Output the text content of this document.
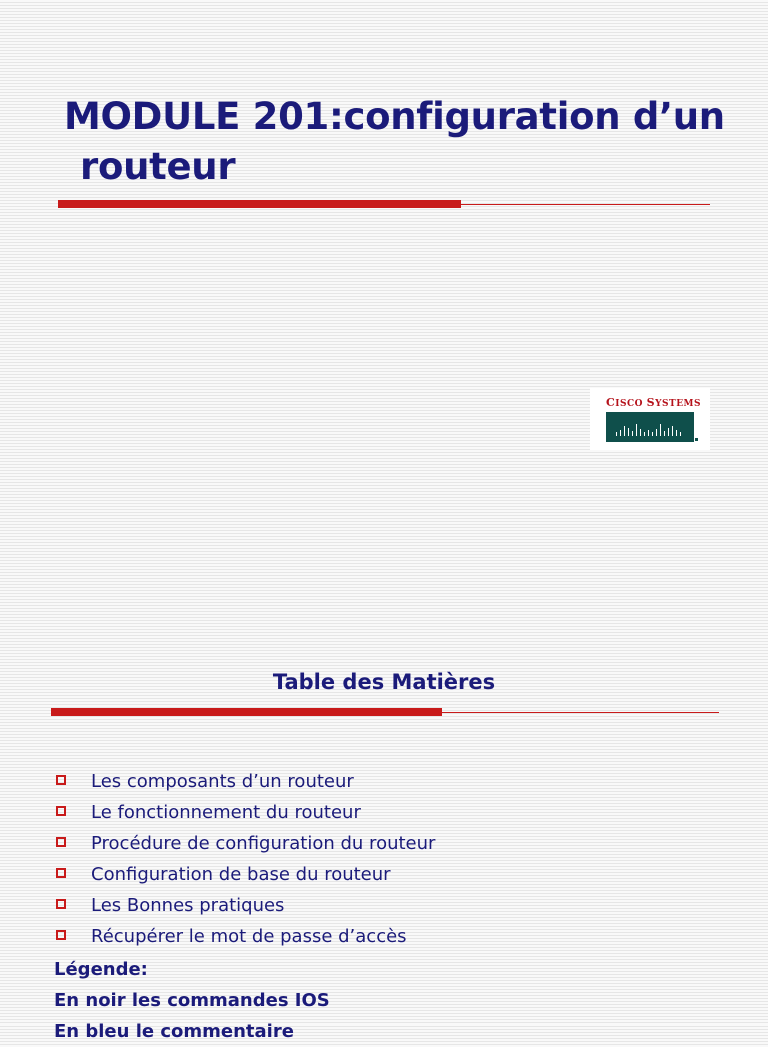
MODULE 201:configuration d’un
routeur
CISCO SYSTEMS
Table des Matières
Les composants d’un routeur
Le fonctionnement du routeur
Procédure de configuration du routeur
Configuration de base du routeur
Les Bonnes pratiques
Récupérer le mot de passe d’accès
Légende:
En noir les commandes IOS
En bleu le commentaire
